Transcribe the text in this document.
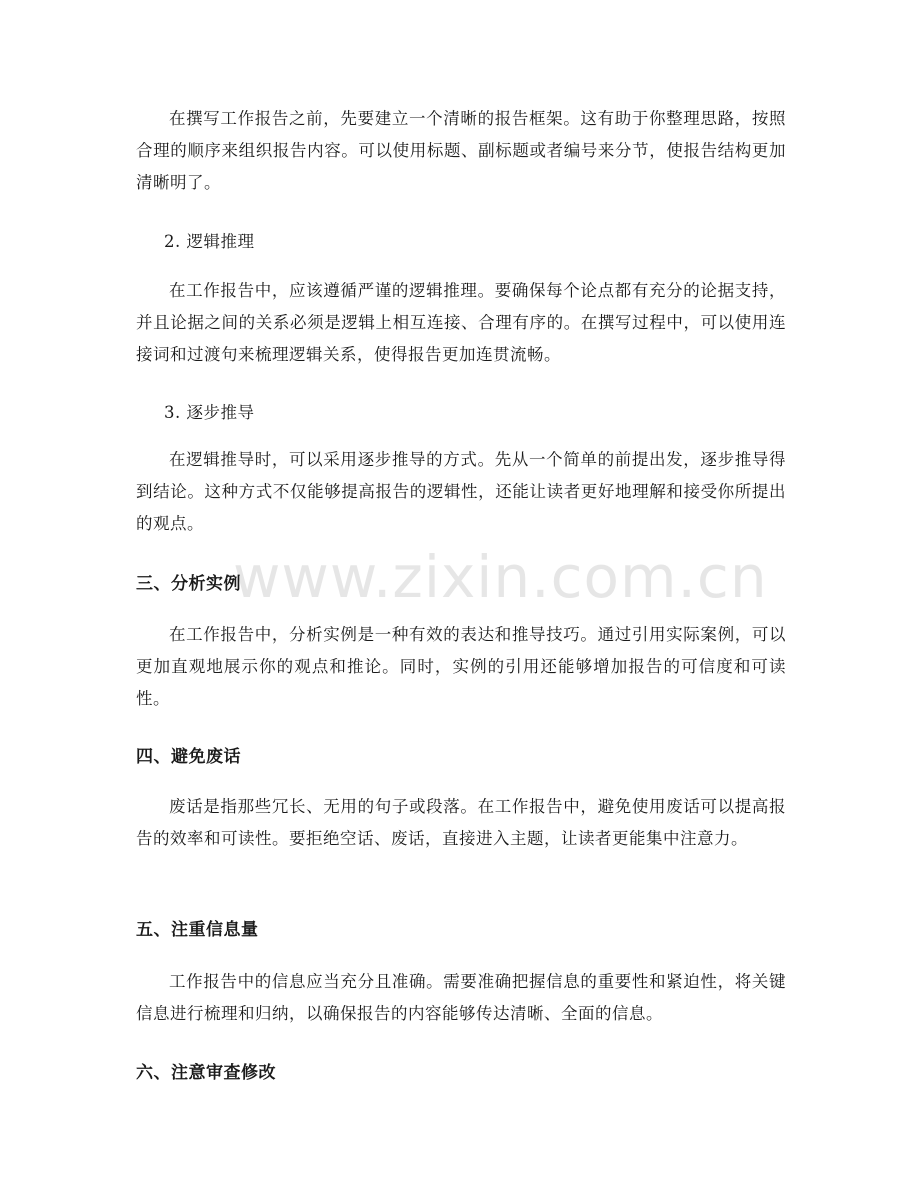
www.zixin.com.cn

在撰写工作报告之前，先要建立一个清晰的报告框架。这有助于你整理思路，按照合理的顺序来组织报告内容。可以使用标题、副标题或者编号来分节，使报告结构更加清晰明了。

2. 逻辑推理

在工作报告中，应该遵循严谨的逻辑推理。要确保每个论点都有充分的论据支持，并且论据之间的关系必须是逻辑上相互连接、合理有序的。在撰写过程中，可以使用连接词和过渡句来梳理逻辑关系，使得报告更加连贯流畅。

3. 逐步推导

在逻辑推导时，可以采用逐步推导的方式。先从一个简单的前提出发，逐步推导得到结论。这种方式不仅能够提高报告的逻辑性，还能让读者更好地理解和接受你所提出的观点。

三、分析实例

在工作报告中，分析实例是一种有效的表达和推导技巧。通过引用实际案例，可以更加直观地展示你的观点和推论。同时，实例的引用还能够增加报告的可信度和可读性。

四、避免废话

废话是指那些冗长、无用的句子或段落。在工作报告中，避免使用废话可以提高报告的效率和可读性。要拒绝空话、废话，直接进入主题，让读者更能集中注意力。

五、注重信息量

工作报告中的信息应当充分且准确。需要准确把握信息的重要性和紧迫性，将关键信息进行梳理和归纳，以确保报告的内容能够传达清晰、全面的信息。

六、注意审查修改
